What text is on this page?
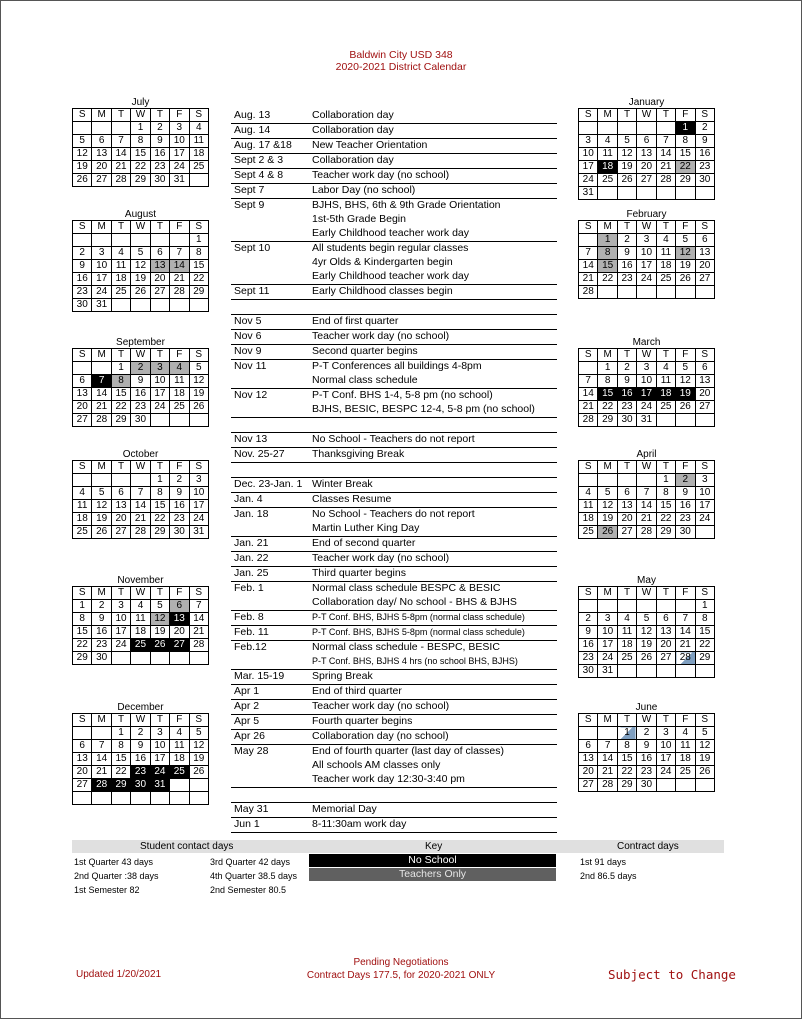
Baldwin City USD 348
2020-2021 District Calendar
July
S	M	T	W	T	F	S
			1	2	3	4
5	6	7	8	9	10	11
12	13	14	15	16	17	18
19	20	21	22	23	24	25
26	27	28	29	30	31	
August
S	M	T	W	T	F	S
						1
2	3	4	5	6	7	8
9	10	11	12	13	14	15
16	17	18	19	20	21	22
23	24	25	26	27	28	29
30	31					
September
S	M	T	W	T	F	S
		1	2	3	4	5
6	7	8	9	10	11	12
13	14	15	16	17	18	19
20	21	22	23	24	25	26
27	28	29	30			
October
S	M	T	W	T	F	S
				1	2	3
4	5	6	7	8	9	10
11	12	13	14	15	16	17
18	19	20	21	22	23	24
25	26	27	28	29	30	31
November
S	M	T	W	T	F	S
1	2	3	4	5	6	7
8	9	10	11	12	13	14
15	16	17	18	19	20	21
22	23	24	25	26	27	28
29	30					
December
S	M	T	W	T	F	S
		1	2	3	4	5
6	7	8	9	10	11	12
13	14	15	16	17	18	19
20	21	22	23	24	25	26
27	28	29	30	31		

January
S	M	T	W	T	F	S
					1	2
3	4	5	6	7	8	9
10	11	12	13	14	15	16
17	18	19	20	21	22	23
24	25	26	27	28	29	30
31						
February
S	M	T	W	T	F	S
	1	2	3	4	5	6
7	8	9	10	11	12	13
14	15	16	17	18	19	20
21	22	23	24	25	26	27
28						
March
S	M	T	W	T	F	S
	1	2	3	4	5	6
7	8	9	10	11	12	13
14	15	16	17	18	19	20
21	22	23	24	25	26	27
28	29	30	31			
April
S	M	T	W	T	F	S
				1	2	3
4	5	6	7	8	9	10
11	12	13	14	15	16	17
18	19	20	21	22	23	24
25	26	27	28	29	30	
May
S	M	T	W	T	F	S
						1
2	3	4	5	6	7	8
9	10	11	12	13	14	15
16	17	18	19	20	21	22
23	24	25	26	27	28	29
30	31					
June
S	M	T	W	T	F	S
		1	2	3	4	5
6	7	8	9	10	11	12
13	14	15	16	17	18	19
20	21	22	23	24	25	26
27	28	29	30			
Aug. 13	Collaboration day
Aug. 14	Collaboration day
Aug. 17 &18 New Teacher Orientation
Sept 2 & 3	Collaboration day
Sept 4 & 8	Teacher work day (no school)
Sept 7	Labor Day (no school)
Sept 9	BJHS, BHS, 6th & 9th Grade Orientation
1st-5th Grade Begin
Early Childhood teacher work day
Sept 10	All students begin regular classes
4yr Olds & Kindergarten begin
Early Childhood teacher work day
Sept 11	Early Childhood classes begin
Nov 5	End of first quarter
Nov 6	Teacher work day (no school)
Nov 9	Second quarter begins
Nov 11	P-T Conferences all buildings 4-8pm
Normal class schedule
Nov 12	P-T Conf. BHS 1-4, 5-8 pm (no school)
BJHS, BESIC, BESPC 12-4, 5-8 pm (no school)
Nov 13	No School - Teachers do not report
Nov. 25-27	Thanksgiving Break
Dec. 23-Jan. 1 Winter Break
Jan. 4	Classes Resume
Jan. 18	No School - Teachers do not report
Martin Luther King Day
Jan. 21	End of second quarter
Jan. 22	Teacher work day (no school)
Jan. 25	Third quarter begins
Feb. 1	Normal class schedule BESPC & BESIC
Collaboration day/ No school - BHS & BJHS
Feb. 8	P-T Conf. BHS, BJHS 5-8pm (normal class schedule)
Feb. 11	P-T Conf. BHS, BJHS 5-8pm (normal class schedule)
Feb.12	Normal class schedule - BESPC, BESIC
P-T Conf. BHS, BJHS 4 hrs (no school BHS, BJHS)
Mar. 15-19	Spring Break
Apr 1	End of third quarter
Apr 2	Teacher work day (no school)
Apr 5	Fourth quarter begins
Apr 26	Collaboration day (no school)
May 28	End of fourth quarter (last day of classes)
All schools AM classes only
Teacher work day 12:30-3:40 pm
May 31	Memorial Day
Jun 1	8-11:30am work day
Student contact days	Key	Contract days
1st Quarter 43 days
2nd Quarter :38 days
1st Semester 82
3rd Quarter 42 days
4th Quarter 38.5 days
2nd Semester 80.5
No School
Teachers Only
1st 91 days
2nd 86.5 days
Updated 1/20/2021
Pending Negotiations
Contract Days 177.5, for 2020-2021 ONLY	Subject to Change
